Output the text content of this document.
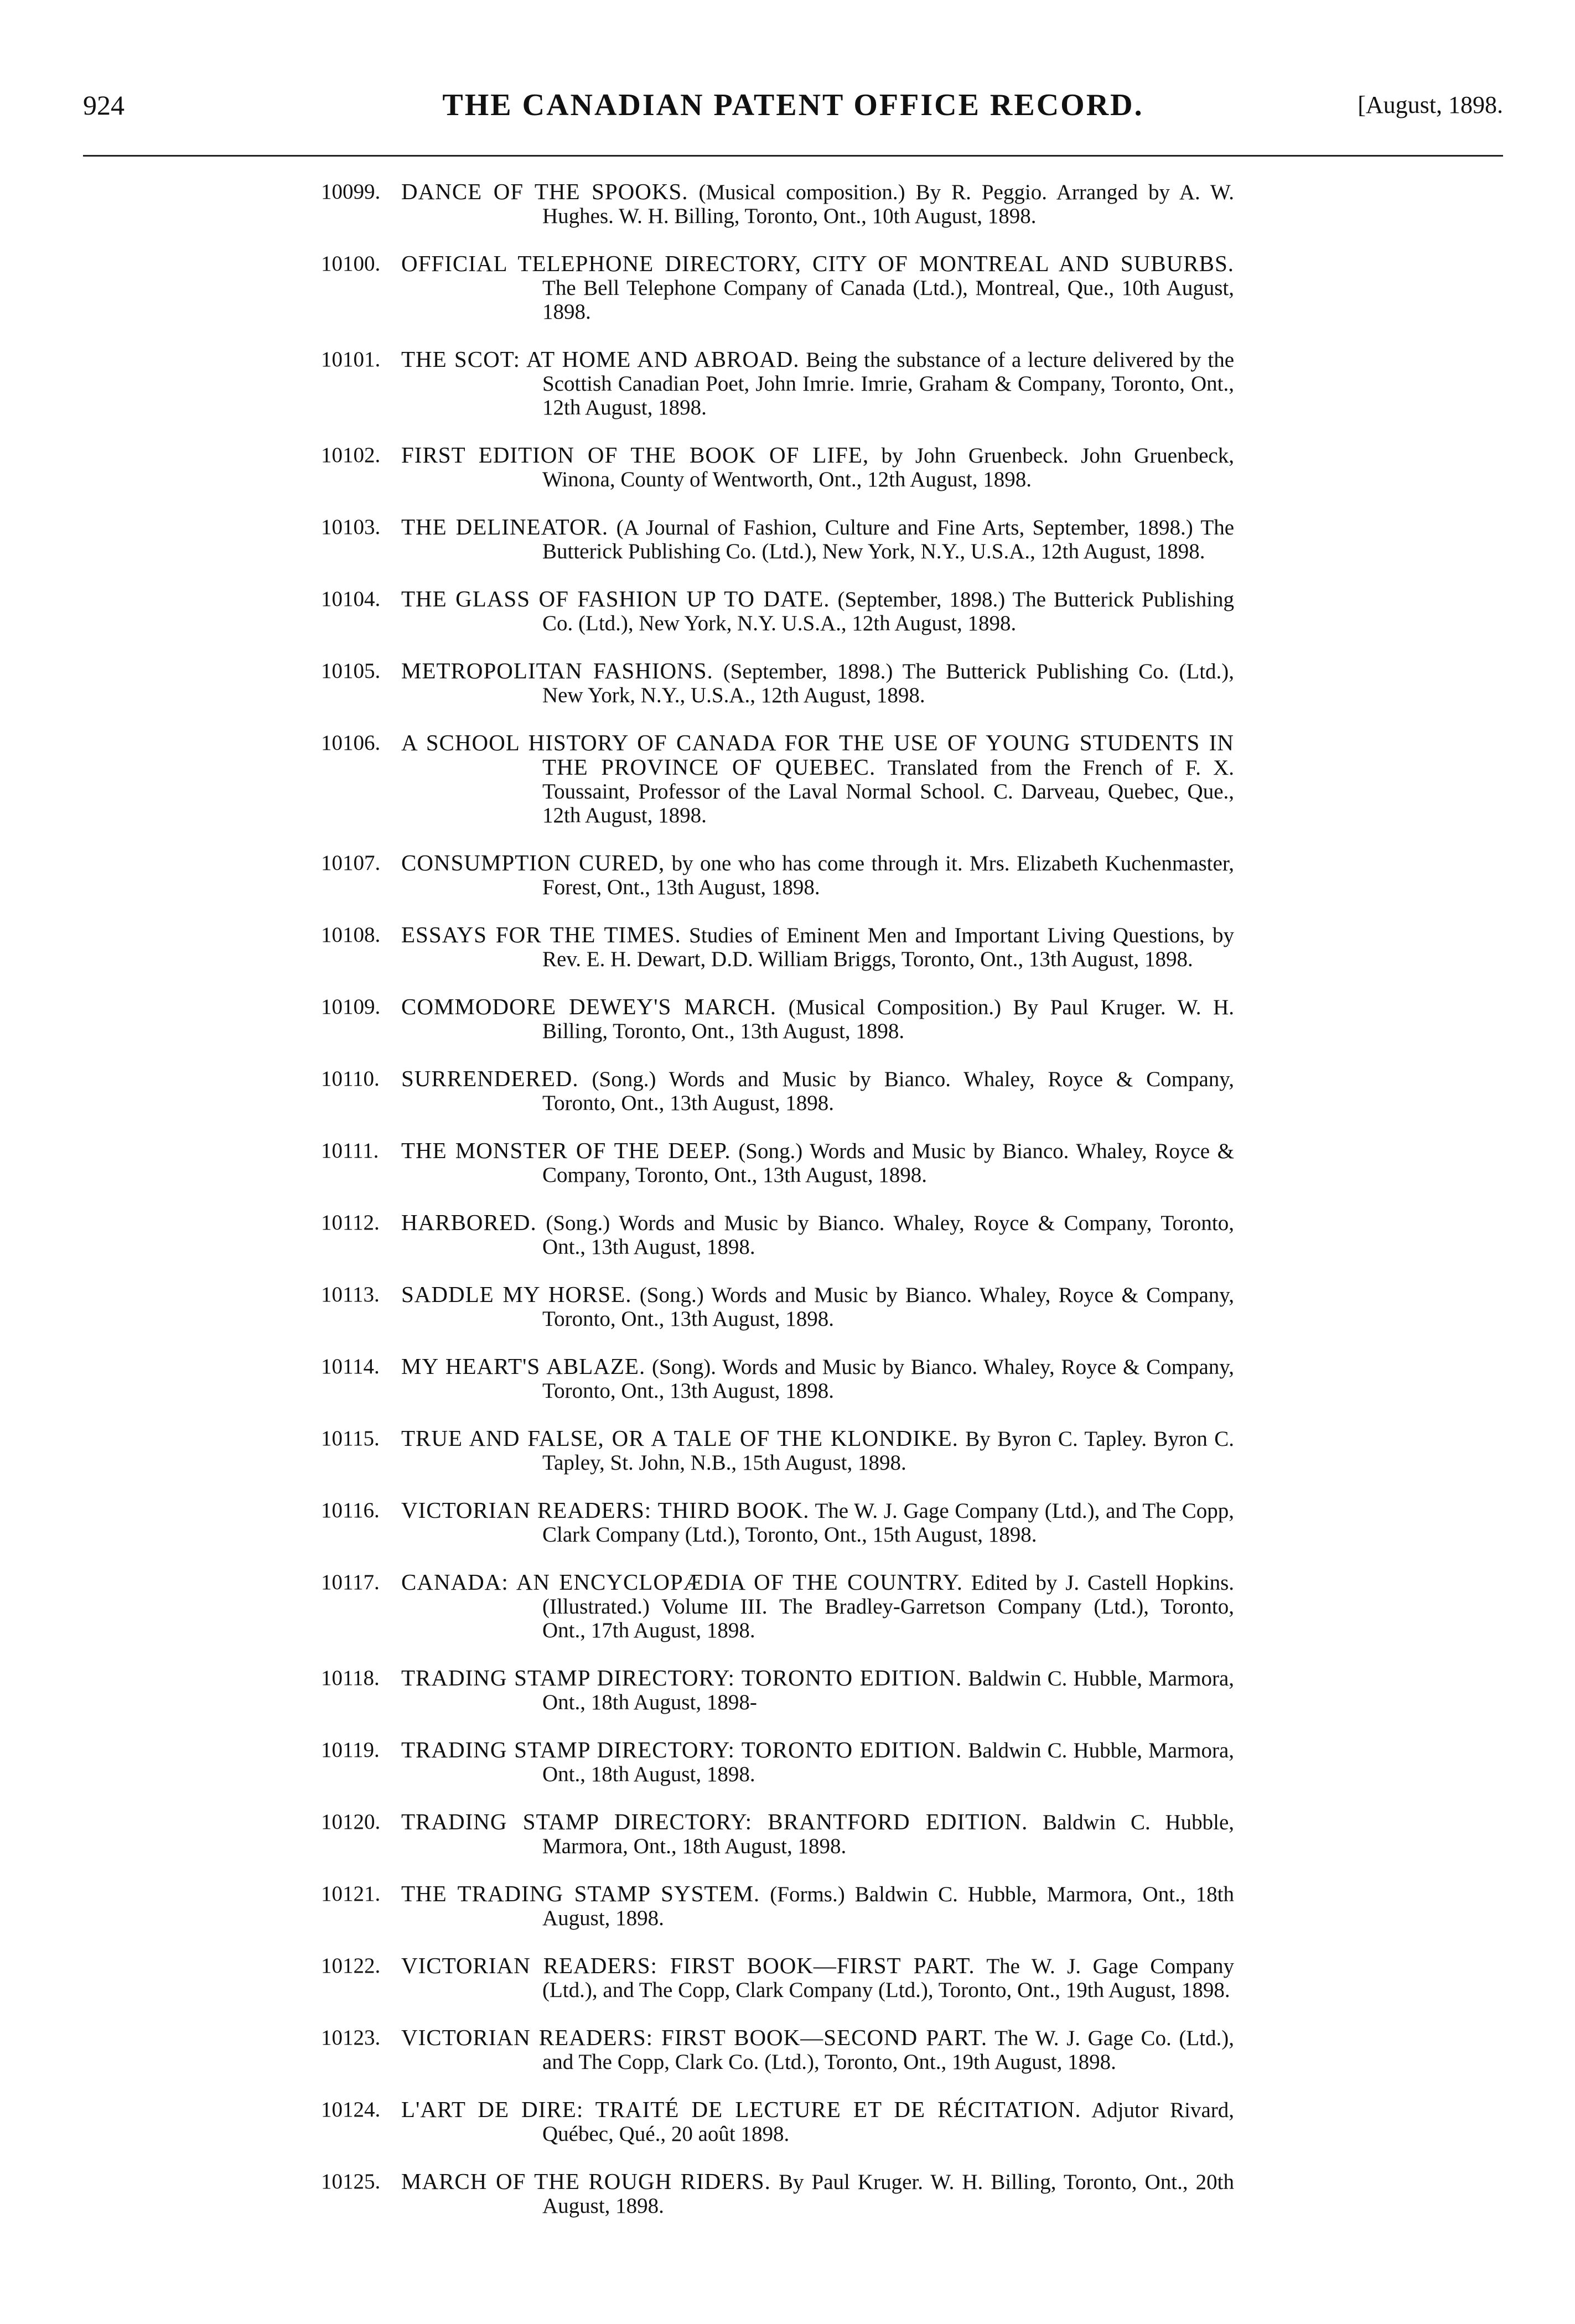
924	THE CANADIAN PATENT OFFICE RECORD.	[August, 1898.
10099. DANCE OF THE SPOOKS. (Musical composition.) By R. Peggio. Arranged by A. W. Hughes. W. H. Billing, Toronto, Ont., 10th August, 1898.
10100. OFFICIAL TELEPHONE DIRECTORY, CITY OF MONTREAL AND SUBURBS. The Bell Telephone Company of Canada (Ltd.), Montreal, Que., 10th August, 1898.
10101. THE SCOT: AT HOME AND ABROAD. Being the substance of a lecture delivered by the Scottish Canadian Poet, John Imrie. Imrie, Graham & Company, Toronto, Ont., 12th August, 1898.
10102. FIRST EDITION OF THE BOOK OF LIFE, by John Gruenbeck. John Gruenbeck, Winona, County of Wentworth, Ont., 12th August, 1898.
10103. THE DELINEATOR. (A Journal of Fashion, Culture and Fine Arts, September, 1898.) The Butterick Publishing Co. (Ltd.), New York, N.Y., U.S.A., 12th August, 1898.
10104. THE GLASS OF FASHION UP TO DATE. (September, 1898.) The Butterick Publishing Co. (Ltd.), New York, N.Y. U.S.A., 12th August, 1898.
10105. METROPOLITAN FASHIONS. (September, 1898.) The Butterick Publishing Co. (Ltd.), New York, N.Y., U.S.A., 12th August, 1898.
10106. A SCHOOL HISTORY OF CANADA FOR THE USE OF YOUNG STUDENTS IN THE PROVINCE OF QUEBEC. Translated from the French of F. X. Toussaint, Professor of the Laval Normal School. C. Darveau, Quebec, Que., 12th August, 1898.
10107. CONSUMPTION CURED, by one who has come through it. Mrs. Elizabeth Kuchenmaster, Forest, Ont., 13th August, 1898.
10108. ESSAYS FOR THE TIMES. Studies of Eminent Men and Important Living Questions, by Rev. E. H. Dewart, D.D. William Briggs, Toronto, Ont., 13th August, 1898.
10109. COMMODORE DEWEY'S MARCH. (Musical Composition.) By Paul Kruger. W. H. Billing, Toronto, Ont., 13th August, 1898.
10110. SURRENDERED. (Song.) Words and Music by Bianco. Whaley, Royce & Company, Toronto, Ont., 13th August, 1898.
10111. THE MONSTER OF THE DEEP. (Song.) Words and Music by Bianco. Whaley, Royce & Company, Toronto, Ont., 13th August, 1898.
10112. HARBORED. (Song.) Words and Music by Bianco. Whaley, Royce & Company, Toronto, Ont., 13th August, 1898.
10113. SADDLE MY HORSE. (Song.) Words and Music by Bianco. Whaley, Royce & Company, Toronto, Ont., 13th August, 1898.
10114. MY HEART'S ABLAZE. (Song). Words and Music by Bianco. Whaley, Royce & Company, Toronto, Ont., 13th August, 1898.
10115. TRUE AND FALSE, OR A TALE OF THE KLONDIKE. By Byron C. Tapley. Byron C. Tapley, St. John, N.B., 15th August, 1898.
10116. VICTORIAN READERS: THIRD BOOK. The W. J. Gage Company (Ltd.), and The Copp, Clark Company (Ltd.), Toronto, Ont., 15th August, 1898.
10117. CANADA: AN ENCYCLOPÆDIA OF THE COUNTRY. Edited by J. Castell Hopkins. (Illustrated.) Volume III. The Bradley-Garretson Company (Ltd.), Toronto, Ont., 17th August, 1898.
10118. TRADING STAMP DIRECTORY: TORONTO EDITION. Baldwin C. Hubble, Marmora, Ont., 18th August, 1898-
10119. TRADING STAMP DIRECTORY: TORONTO EDITION. Baldwin C. Hubble, Marmora, Ont., 18th August, 1898.
10120. TRADING STAMP DIRECTORY: BRANTFORD EDITION. Baldwin C. Hubble, Marmora, Ont., 18th August, 1898.
10121. THE TRADING STAMP SYSTEM. (Forms.) Baldwin C. Hubble, Marmora, Ont., 18th August, 1898.
10122. VICTORIAN READERS: FIRST BOOK—FIRST PART. The W. J. Gage Company (Ltd.), and The Copp, Clark Company (Ltd.), Toronto, Ont., 19th August, 1898.
10123. VICTORIAN READERS: FIRST BOOK—SECOND PART. The W. J. Gage Co. (Ltd.), and The Copp, Clark Co. (Ltd.), Toronto, Ont., 19th August, 1898.
10124. L'ART DE DIRE: TRAITÉ DE LECTURE ET DE RÉCITATION. Adjutor Rivard, Québec, Qué., 20 août 1898.
10125. MARCH OF THE ROUGH RIDERS. By Paul Kruger. W. H. Billing, Toronto, Ont., 20th August, 1898.
